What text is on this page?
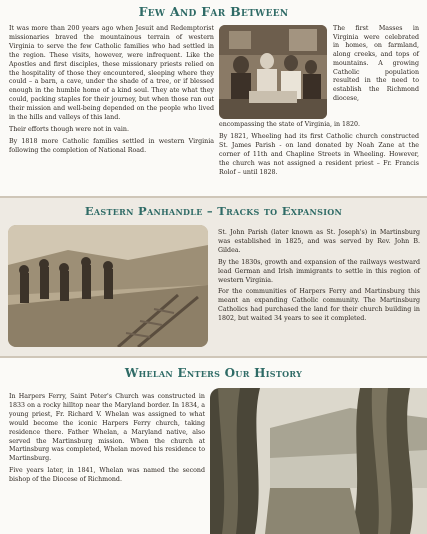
Few And Far Between

It was more than 200 years ago when Jesuit and Redemptorist missionaries braved the mountainous terrain of western Virginia to serve the few Catholic families who had settled in the region. These visits, however, were infrequent. Like the Apostles and first disciples, these missionary priests relied on the hospitality of those they encountered, sleeping where they could – a barn, a cave, under the shade of a tree, or if blessed enough in the humble home of a kind soul. They ate what they could, packing staples for their journey, but when those ran out their mission and well-being depended on the people who lived in the hills and valleys of this land.

Their efforts though were not in vain.

By 1818 more Catholic families settled in western Virginia following the completion of National Road.

The first Masses in Virginia were celebrated in homes, on farmland, along creeks, and tops of mountains. A growing Catholic population resulted in the need to establish the Richmond diocese,
encompassing the state of Virginia, in 1820.
By 1821, Wheeling had its first Catholic church constructed St. James Parish - on land donated by Noah Zane at the corner of 11th and Chapline Streets in Wheeling. However, the church was not assigned a resident priest – Fr. Francis Rolof – until 1828.
Eastern Panhandle – Tracks to Expansion

St. John Parish (later known as St. Joseph's) in Martinsburg was established in 1825, and was served by Rev. John B. Gildea.

By the 1830s, growth and expansion of the railways westward lead German and Irish immigrants to settle in this region of western Virginia.

For the communities of Harpers Ferry and Martinsburg this meant an expanding Catholic community. The Martinsburg Catholics had purchased the land for their church building in 1802, but waited 34 years to see it completed.

Whelan Enters Our History

In Harpers Ferry, Saint Peter's Church was constructed in 1833 on a rocky hilltop near the Maryland border. In 1834, a young priest, Fr. Richard V. Whelan was assigned to what would become the iconic Harpers Ferry church, taking residence there. Father Whelan, a Maryland native, also served the Martinsburg mission. When the church at Martinsburg was completed, Whelan moved his residence to Martinsburg.

Five years later, in 1841, Whelan was named the second bishop of the Diocese of Richmond.
